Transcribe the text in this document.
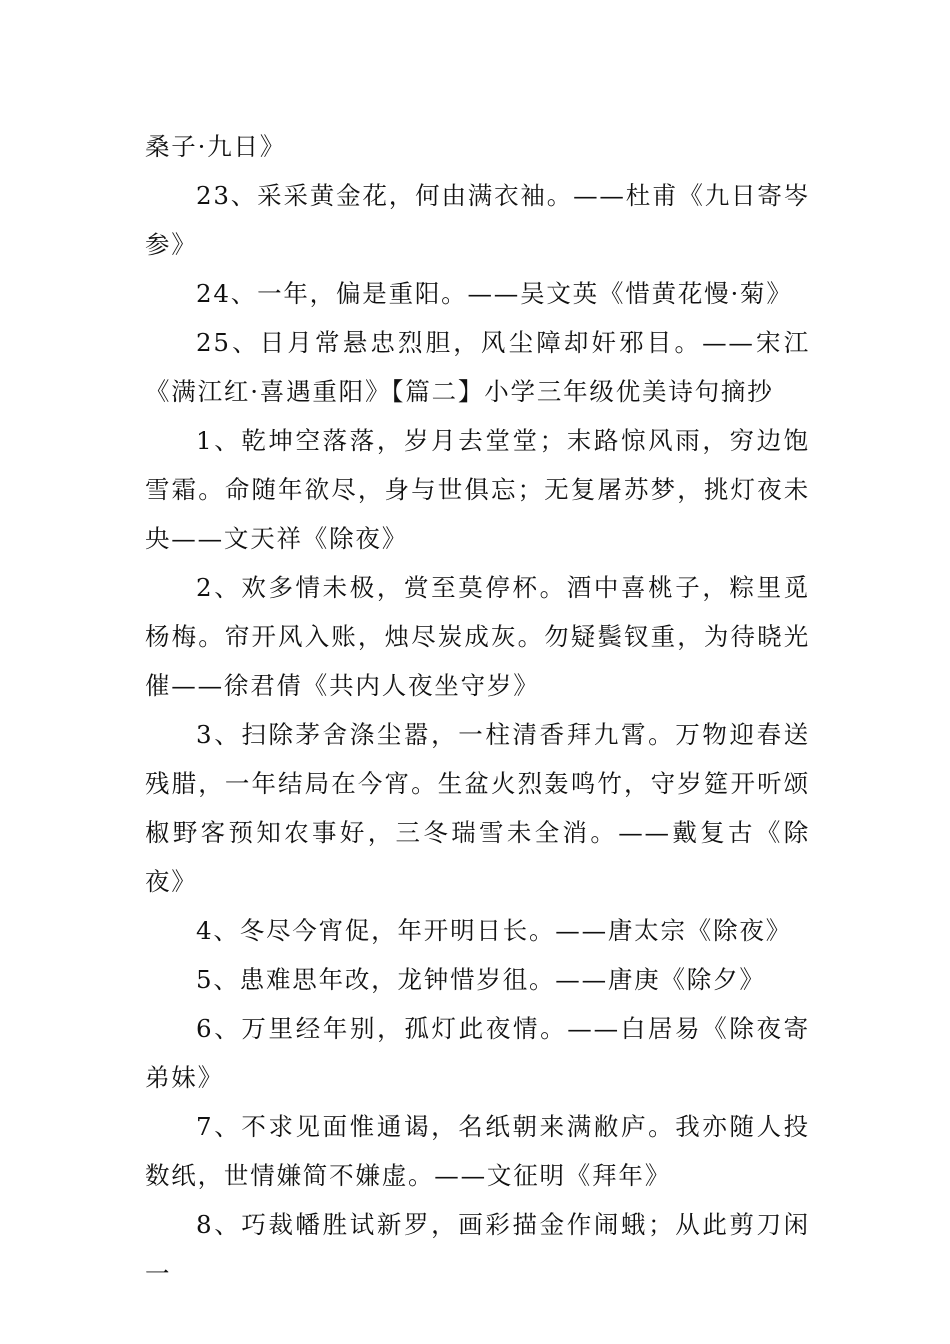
桑子·九日》

23、采采黄金花，何由满衣袖。——杜甫《九日寄岑参》

24、一年，偏是重阳。——吴文英《惜黄花慢·菊》

25、日月常悬忠烈胆，风尘障却奸邪目。——宋江《满江红·喜遇重阳》【篇二】小学三年级优美诗句摘抄

1、乾坤空落落，岁月去堂堂；末路惊风雨，穷边饱雪霜。命随年欲尽，身与世俱忘；无复屠苏梦，挑灯夜未央——文天祥《除夜》

2、欢多情未极，赏至莫停杯。酒中喜桃子，粽里觅杨梅。帘开风入账，烛尽炭成灰。勿疑鬓钗重，为待晓光催——徐君倩《共内人夜坐守岁》

3、扫除茅舍涤尘嚣，一柱清香拜九霄。万物迎春送残腊，一年结局在今宵。生盆火烈轰鸣竹，守岁筵开听颂椒野客预知农事好，三冬瑞雪未全消。——戴复古《除夜》

4、冬尽今宵促，年开明日长。——唐太宗《除夜》

5、患难思年改，龙钟惜岁徂。——唐庚《除夕》

6、万里经年别，孤灯此夜情。——白居易《除夜寄弟妹》

7、不求见面惟通谒，名纸朝来满敝庐。我亦随人投数纸，世情嫌简不嫌虚。——文征明《拜年》

8、巧裁幡胜试新罗，画彩描金作闹蛾；从此剪刀闲一
